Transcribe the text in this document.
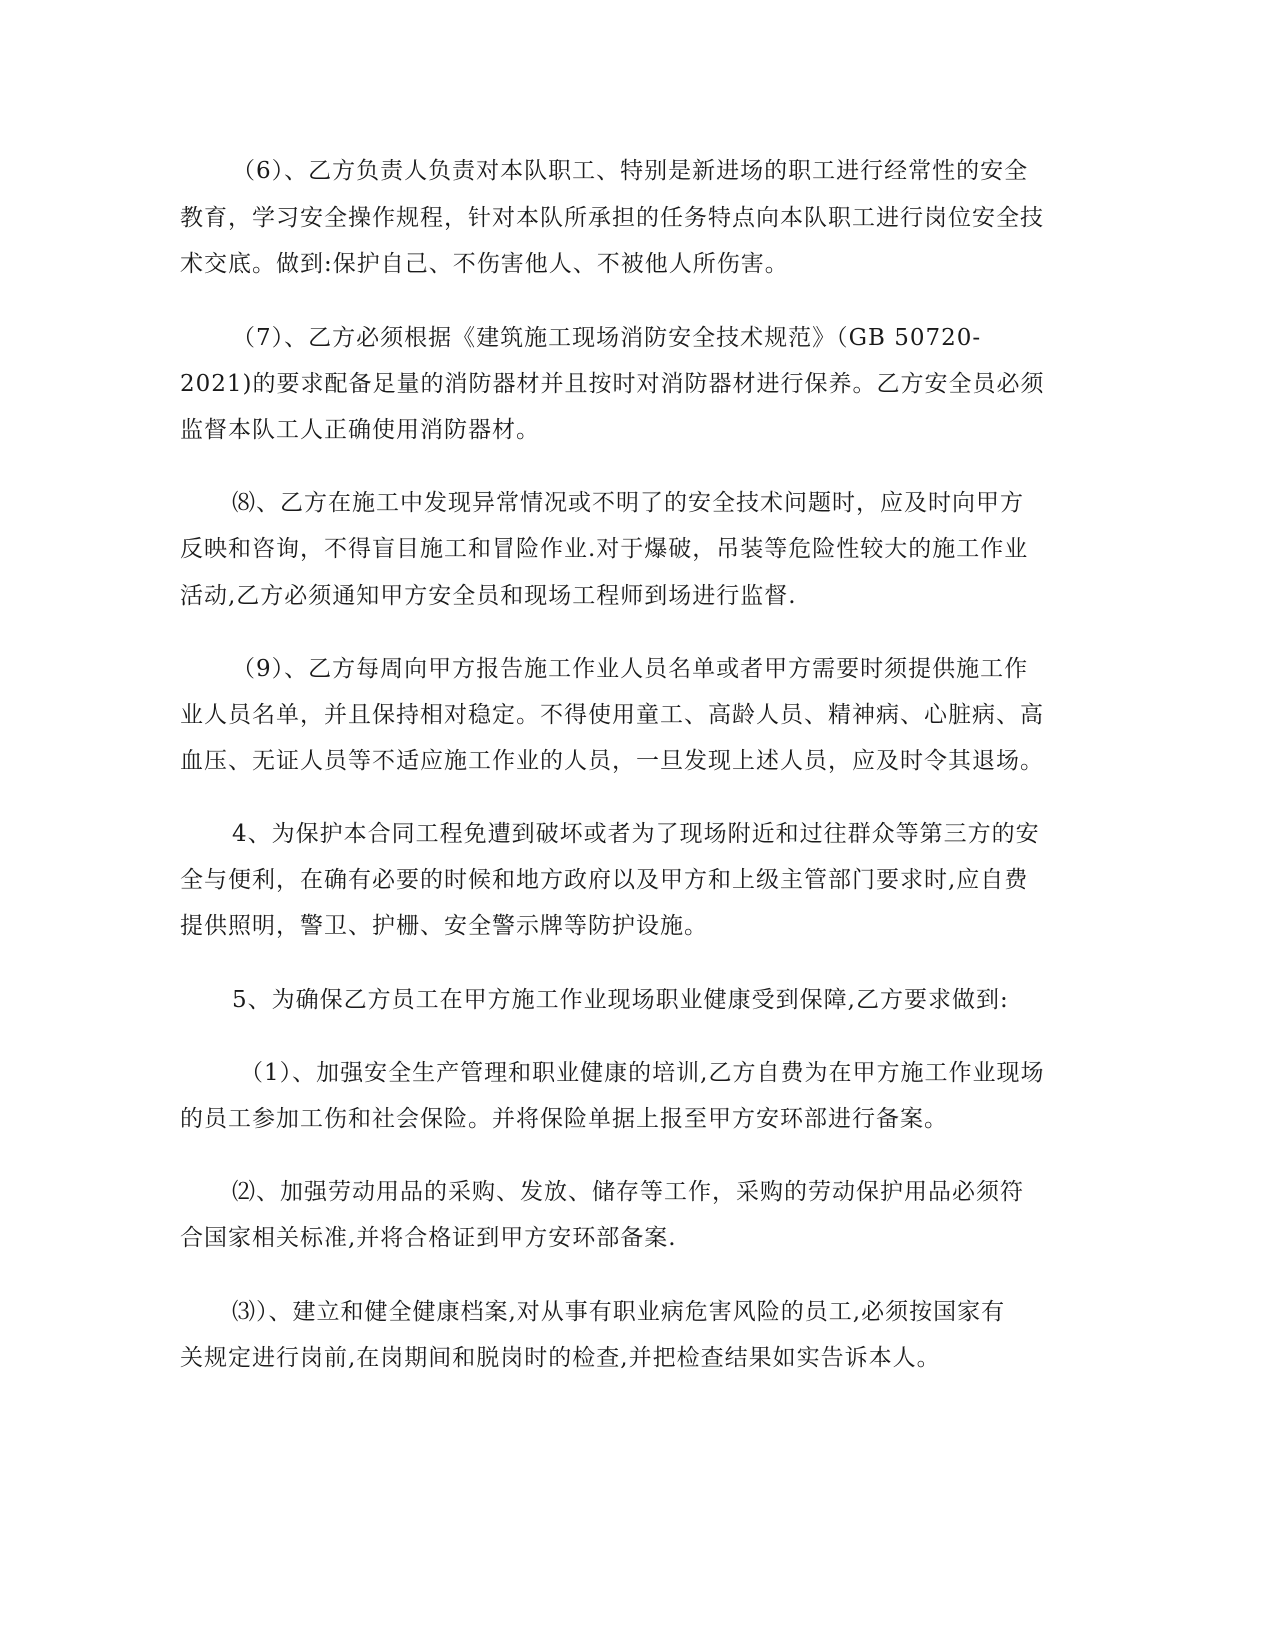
（6）、乙方负责人负责对本队职工、特别是新进场的职工进行经常性的安全
教育，学习安全操作规程，针对本队所承担的任务特点向本队职工进行岗位安全技
术交底。做到:保护自己、不伤害他人、不被他人所伤害。
（7）、乙方必须根据《建筑施工现场消防安全技术规范》（GB 50720-
2021)的要求配备足量的消防器材并且按时对消防器材进行保养。乙方安全员必须
监督本队工人正确使用消防器材。
⑻、乙方在施工中发现异常情况或不明了的安全技术问题时，应及时向甲方
反映和咨询，不得盲目施工和冒险作业.对于爆破，吊装等危险性较大的施工作业
活动,乙方必须通知甲方安全员和现场工程师到场进行监督.
（9）、乙方每周向甲方报告施工作业人员名单或者甲方需要时须提供施工作
业人员名单，并且保持相对稳定。不得使用童工、高龄人员、精神病、心脏病、高
血压、无证人员等不适应施工作业的人员，一旦发现上述人员，应及时令其退场。
4、为保护本合同工程免遭到破坏或者为了现场附近和过往群众等第三方的安
全与便利，在确有必要的时候和地方政府以及甲方和上级主管部门要求时,应自费
提供照明，警卫、护栅、安全警示牌等防护设施。
5、为确保乙方员工在甲方施工作业现场职业健康受到保障,乙方要求做到:
（1）、加强安全生产管理和职业健康的培训,乙方自费为在甲方施工作业现场
的员工参加工伤和社会保险。并将保险单据上报至甲方安环部进行备案。
⑵、加强劳动用品的采购、发放、储存等工作，采购的劳动保护用品必须符
合国家相关标准,并将合格证到甲方安环部备案.
⑶）、建立和健全健康档案,对从事有职业病危害风险的员工,必须按国家有
关规定进行岗前,在岗期间和脱岗时的检查,并把检查结果如实告诉本人。
